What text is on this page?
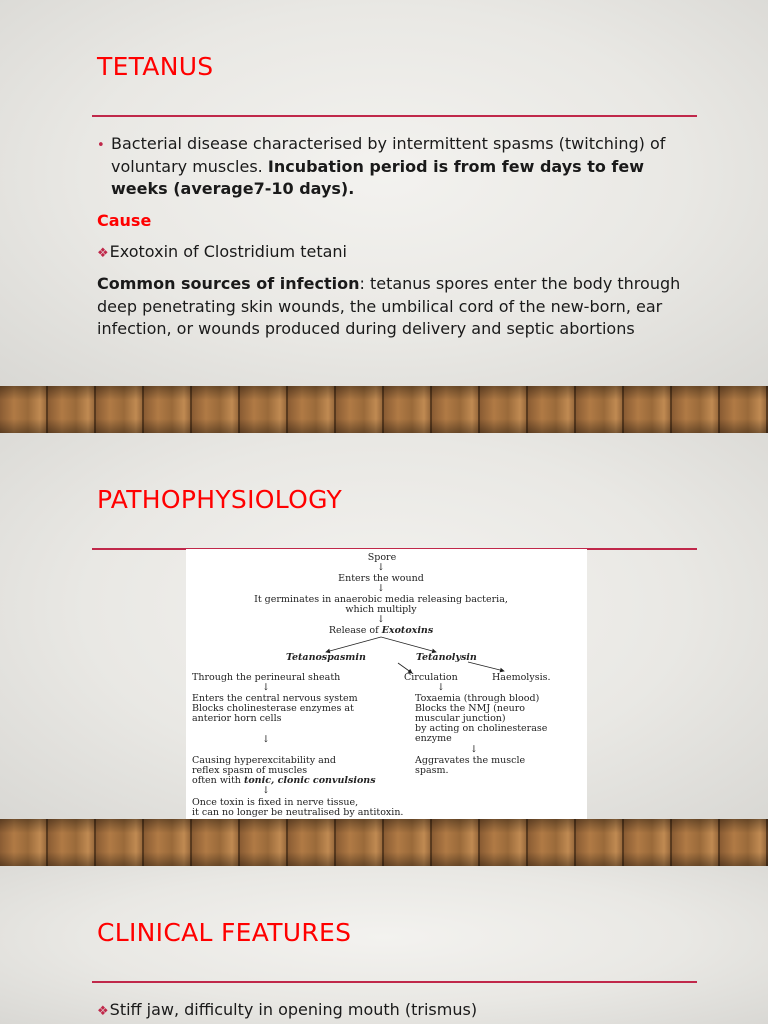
TETANUS
• Bacterial disease characterised by intermittent spasms (twitching) of voluntary muscles. Incubation period is from few days to few weeks (average7-10 days).
Cause
❖Exotoxin of Clostridium tetani
Common sources of infection: tetanus spores enter the body through deep penetrating skin wounds, the umbilical cord of the new-born, ear infection, or wounds produced during delivery and septic abortions
PATHOPHYSIOLOGY
Spore
↓
Enters the wound
↓
It germinates in anaerobic media releasing bacteria,
which multiply
↓
Release of Exotoxins
Tetanospasmin	Tetanolysin
Through the perineural sheath	Circulation	Haemolysis.
↓	↓
Enters the central nervous system
Blocks cholinesterase enzymes at
anterior horn cells
Toxaemia (through blood)
Blocks the NMJ (neuro
muscular junction)
by acting on cholinesterase
enzyme
↓
↓
Causing hyperexcitability and
reflex spasm of muscles
often with tonic, clonic convulsions
Aggravates the muscle
spasm.
↓
Once toxin is fixed in nerve tissue,
it can no longer be neutralised by antitoxin.
CLINICAL FEATURES
❖Stiff jaw, difficulty in opening mouth (trismus)
